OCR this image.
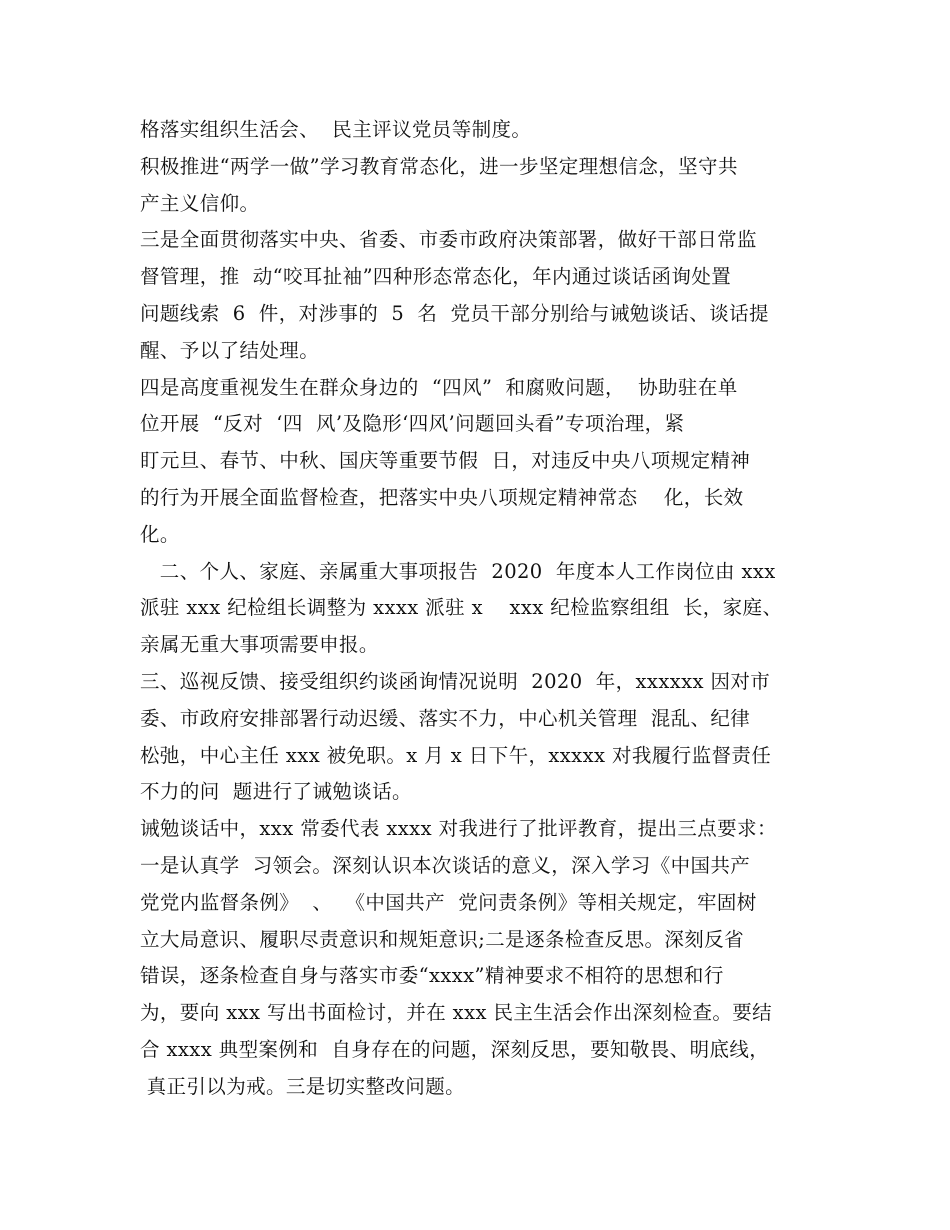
格落实组织生活会、  民主评议党员等制度。
积极推进“两学一做”学习教育常态化，进一步坚定理想信念，坚守共
产主义信仰。
三是全面贯彻落实中央、省委、市委市政府决策部署，做好干部日常监
督管理，推  动“咬耳扯袖”四种形态常态化，年内通过谈话函询处置
问题线索  6  件，对涉事的  5  名  党员干部分别给与诫勉谈话、谈话提
醒、予以了结处理。
四是高度重视发生在群众身边的  “四风”  和腐败问题，  协助驻在单
位开展  “反对  ‘四  风’及隐形‘四风’问题回头看”专项治理，紧
盯元旦、春节、中秋、国庆等重要节假  日，对违反中央八项规定精神
的行为开展全面监督检查，把落实中央八项规定精神常态    化，长效
化。
二、个人、家庭、亲属重大事项报告  2020  年度本人工作岗位由 xxx
派驻 xxx 纪检组长调整为 xxxx 派驻 x    xxx 纪检监察组组  长，家庭、
亲属无重大事项需要申报。
三、巡视反馈、接受组织约谈函询情况说明  2020  年，xxxxxx 因对市
委、市政府安排部署行动迟缓、落实不力，中心机关管理  混乱、纪律
松弛，中心主任 xxx 被免职。x 月 x 日下午，xxxxx 对我履行监督责任
不力的问  题进行了诫勉谈话。
诫勉谈话中，xxx 常委代表 xxxx 对我进行了批评教育，提出三点要求：
一是认真学  习领会。深刻认识本次谈话的意义，深入学习《中国共产
党党内监督条例》  、  《中国共产  党问责条例》等相关规定，牢固树
立大局意识、履职尽责意识和规矩意识;二是逐条检查反思。深刻反省
错误，逐条检查自身与落实市委“xxxx”精神要求不相符的思想和行
为，要向 xxx 写出书面检讨，并在 xxx 民主生活会作出深刻检查。要结
合 xxxx 典型案例和  自身存在的问题，深刻反思，要知敬畏、明底线，
真正引以为戒。三是切实整改问题。
